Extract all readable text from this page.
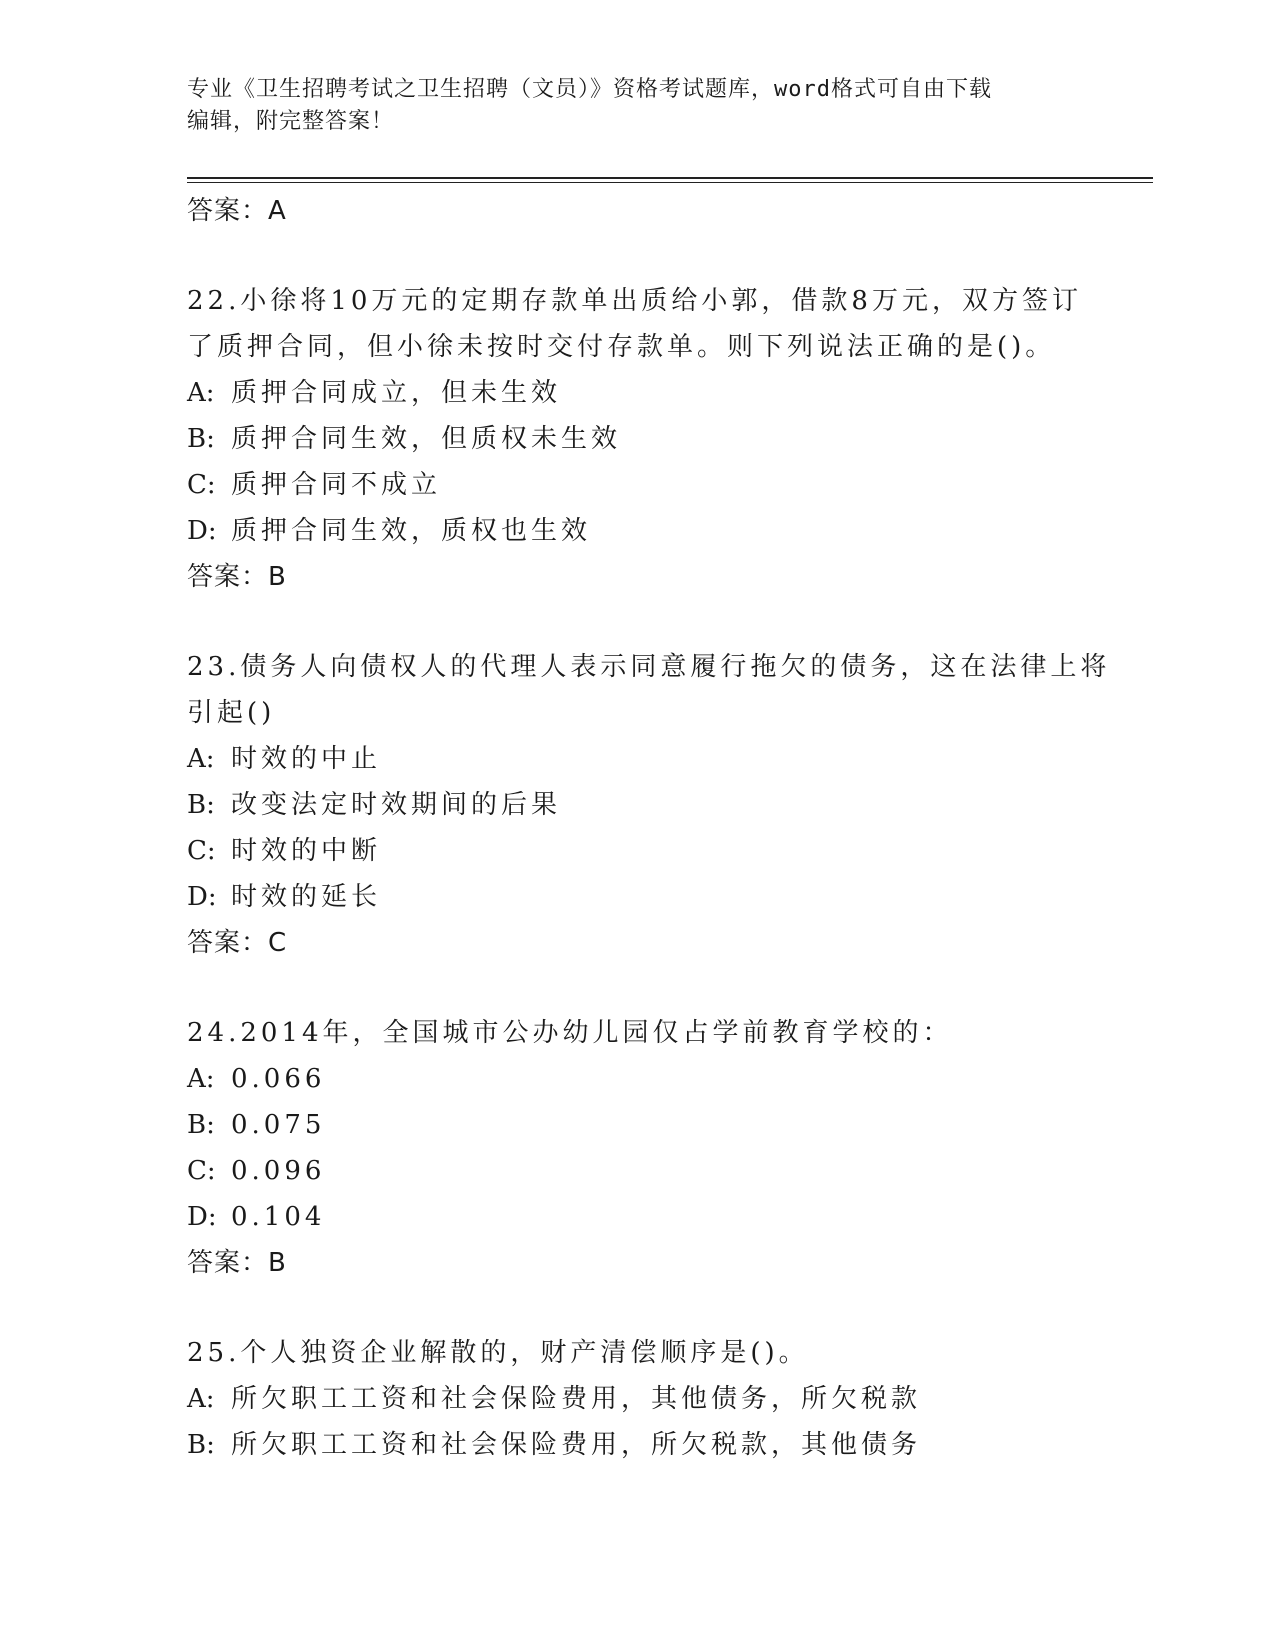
专业《卫生招聘考试之卫生招聘（文员）》资格考试题库，word格式可自由下载
编辑，附完整答案！
答案：A
22.小徐将10万元的定期存款单出质给小郭，借款8万元，双方签订
了质押合同，但小徐未按时交付存款单。则下列说法正确的是()。
A: 质押合同成立，但未生效
B: 质押合同生效，但质权未生效
C: 质押合同不成立
D: 质押合同生效，质权也生效
答案：B
23.债务人向债权人的代理人表示同意履行拖欠的债务，这在法律上将
引起()
A: 时效的中止
B: 改变法定时效期间的后果
C: 时效的中断
D: 时效的延长
答案：C
24.2014年，全国城市公办幼儿园仅占学前教育学校的：
A: 0.066
B: 0.075
C: 0.096
D: 0.104
答案：B
25.个人独资企业解散的，财产清偿顺序是()。
A: 所欠职工工资和社会保险费用，其他债务，所欠税款
B: 所欠职工工资和社会保险费用，所欠税款，其他债务
